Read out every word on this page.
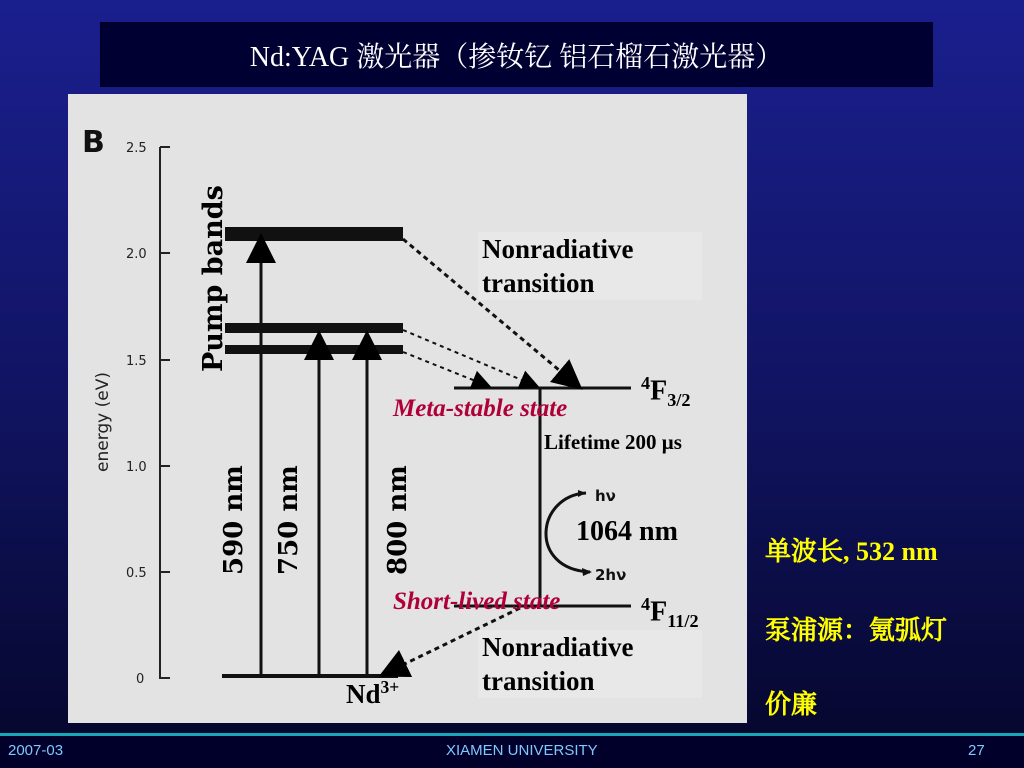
Nd:YAG 激光器（掺钕钇 铝石榴石激光器）
B 2.5
2.0
1.5
1.0
0.5
0
energy (eV)
hν
2hν
Pump bands
590 nm 750 nm	800 nm
Nonradiative transition
Nonradiative transition
$^4F_{3/2}$
$^4F_{11/2}$
Meta-stable state
Lifetime 200 μs
1064 nm
Short-lived state
$Nd^{3+}$
单波长, 532 nm
泵浦源：氪弧灯
价廉
2007-03	XIAMEN UNIVERSITY	27
